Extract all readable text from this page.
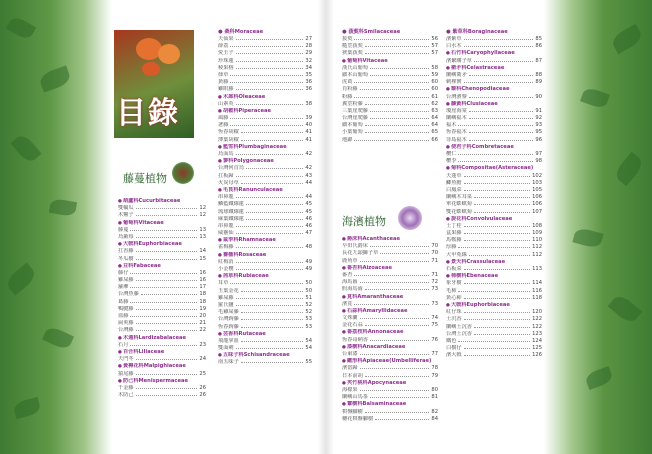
目錄
藤蔓植物
海濱植物
● 桑科Moraceae	● 菝葜科Smilacaceae	● 紫草科Boraginaceae
● 葫蘆科Cucurbitaceae
雙輪瓜	12
木鱉子	12
● 葡萄科Vitaceae
藤蔓	13
烏蘞莓	13
● 大戟科Euphorbiaceae
扛香藤	14
冬瓜樹	15
● 豆科Fabaceae
藤仔	16
雞屎藤	16
蘿藦	17
台灣魚藤	18
葛藤	18
鴨腱藤	19
血藤	20
扁莢藤	21
台灣藤	22
● 木通科Lardizabalaceae
石月	23
● 百合科Liliaceae
天門冬	24
● 黃褥花科Malpighiaceae
猿尾藤	25
● 防己科Menispermaceae
千金藤	26
木防己	26
天仙果	27
薜荔	28
愛玉子	29
珍珠蓮	32
稜果榕	34
葎草	35
黃藤	36
雞眼藤	36
● 木犀科Oleaceae
山素英	38
● 胡椒科Piperaceae
風藤	39
荖藤	40
恆春胡椒	41
薄葉胡椒	41
● 藍雪科Plumbaginaceae
烏面馬	42
● 蓼科Polygonaceae
台灣何首烏	42
扛板歸	43
火炭母草	44
● 毛茛科Ranunculaceae
串鼻龍	44
鱗藍鐵線蓮	45
琉球鐵線蓮	45
麻葉鐵線蓮	46
串鼻龍	46
威靈仙	47
● 鼠李科Rhamnaceae
雀梅藤	48
● 薔薇科Rosaceae
紅梅消	49
小金櫻	49
● 茜草科Rubiaceae
耳草	50
玉葉金花	50
雞屎藤	51
羅氏鹽	52
毛雞屎藤	52
台灣鉤藤	53
恆春鉤藤	53
● 芸香科Rutaceae
飛龍掌血	54
雙面刺	54
● 五味子科Schisandraceae
南五味子	55
菝葜	56
糙莖菝葜	57
狹葉菝葜	57
● 葡萄科Vitaceae
漢氏山葡萄	58
細本山葡萄	59
虎葛	60
肖粉藤	60
粉藤	61
翼莖粉藤	62
三葉崖爬藤	63
台灣崖爬藤	64
細本葡萄	64
小葉葡萄	65
地錦	66
● 爵床科Acanthaceae
早田氏爵床	70
長花九頭獅子草	70
鹿角草	71
● 番杏科Aizoaceae
番杏	71
海馬齒	72
假海馬齒	73
● 莧科Amaranthaceae
濱莧	73
● 石蒜科Amaryllidaceae
文殊蘭	74
金花石蒜	75
● 番荔枝科Annonaceae
恆春哥納香	76
● 漆樹科Anacardiaceae
台東漆	77
● 繖形科Apiaceae(Umbelliferae)
濱當歸	78
日本前胡	79
● 夾竹桃科Apocynaceae
海檬果	80
蘭嶼山馬茶	81
● 蕈樹科Balsaminaceae
棋盤腳樹	82
穗花棋盤腳樹	84
濱紫草	85
白水木	86
● 石竹科Caryophyllaceae
濱繁縷子草	87
● 衛矛科Celastraceae
蘭嶼衛矛	88
刺裸實	89
● 藜科Chenopodiaceae
台灣濱藜	90
● 藤黃科Clusiaceae
瓊崖海棠	91
蘭嶼福木	92
福木	93
恆春福木	95
菲島福木	96
● 使君子科Combretaceae
欖仁	97
欖李	98
● 菊科Compositae(Asteraceae)
天蓬草	102
鯽魚膽	103
白鳳菜	105
蘭嶼木耳菜	106
單花蟛蜞菊	106
雙花蟛蜞菊	107
● 旋花科Convolvulaceae
土丁桂	108
盒果藤	109
馬鞍藤	110
厚藤	112
大甲菟絲	112
● 景天科Crassulaceae
石板菜	113
● 柿樹科Ebenaceae
象牙樹	114
毛柿	116
黃心柿	118
● 大戟科Euphorbiaceae
紅仔珠	120
土沉香	122
蘭嶼土沉香	122
台灣土沉香	123
鐵色	124
白樹仔	125
濱大戟	126
